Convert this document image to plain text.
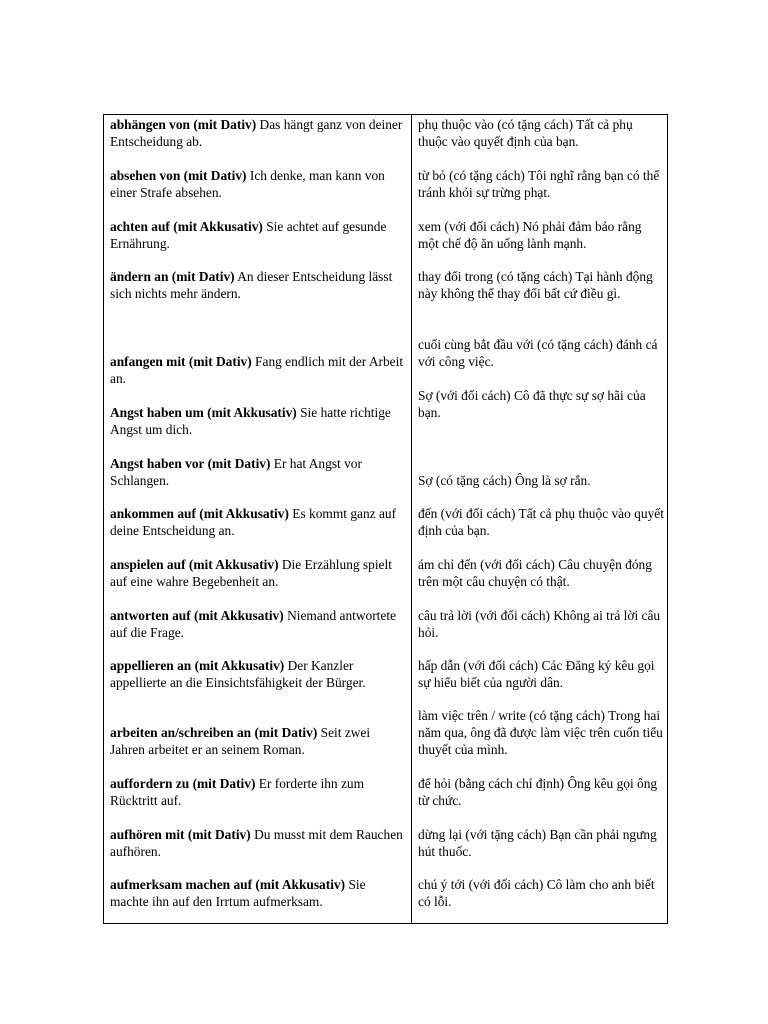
abhängen von (mit Dativ) Das hängt ganz von deiner Entscheidung ab.
absehen von (mit Dativ) Ich denke, man kann von einer Strafe absehen.
achten auf (mit Akkusativ) Sie achtet auf gesunde Ernährung.
ändern an (mit Dativ) An dieser Entscheidung lässt sich nichts mehr ändern.
anfangen mit (mit Dativ) Fang endlich mit der Arbeit an.
Angst haben um (mit Akkusativ) Sie hatte richtige Angst um dich.
Angst haben vor (mit Dativ) Er hat Angst vor Schlangen.
ankommen auf (mit Akkusativ) Es kommt ganz auf deine Entscheidung an.
anspielen auf (mit Akkusativ) Die Erzählung spielt auf eine wahre Begebenheit an.
antworten auf (mit Akkusativ) Niemand antwortete auf die Frage.
appellieren an (mit Akkusativ) Der Kanzler appellierte an die Einsichtsfähigkeit der Bürger.
arbeiten an/schreiben an (mit Dativ) Seit zwei Jahren arbeitet er an seinem Roman.
auffordern zu (mit Dativ) Er forderte ihn zum Rücktritt auf.
aufhören mit (mit Dativ) Du musst mit dem Rauchen aufhören.
aufmerksam machen auf (mit Akkusativ) Sie machte ihn auf den Irrtum aufmerksam.
phụ thuộc vào (có tặng cách) Tất cả phụ thuộc vào quyết định của bạn.
từ bỏ (có tặng cách) Tôi nghĩ rằng bạn có thể tránh khỏi sự trừng phạt.
xem (với đối cách) Nó phải đảm bảo rằng một chế độ ăn uống lành mạnh.
thay đổi trong (có tặng cách) Tại hành động này không thể thay đổi bất cứ điều gì.
cuối cùng bắt đầu với (có tặng cách) đánh cá với công việc.
Sợ (với đối cách) Cô đã thực sự sợ hãi của bạn.
Sợ (có tặng cách) Ông là sợ rắn.
đến (với đối cách) Tất cả phụ thuộc vào quyết định của bạn.
ám chỉ đến (với đối cách) Câu chuyện đóng trên một câu chuyện có thật.
câu trả lời (với đối cách) Không ai trả lời câu hỏi.
hấp dẫn (với đối cách) Các Đăng ký kêu gọi sự hiểu biết của người dân.
làm việc trên / write (có tặng cách) Trong hai năm qua, ông đã được làm việc trên cuốn tiểu thuyết của mình.
để hỏi (bằng cách chỉ định) Ông kêu gọi ông từ chức.
dừng lại (với tặng cách) Bạn cần phải ngưng hút thuốc.
chú ý tới (với đối cách) Cô làm cho anh biết có lỗi.
